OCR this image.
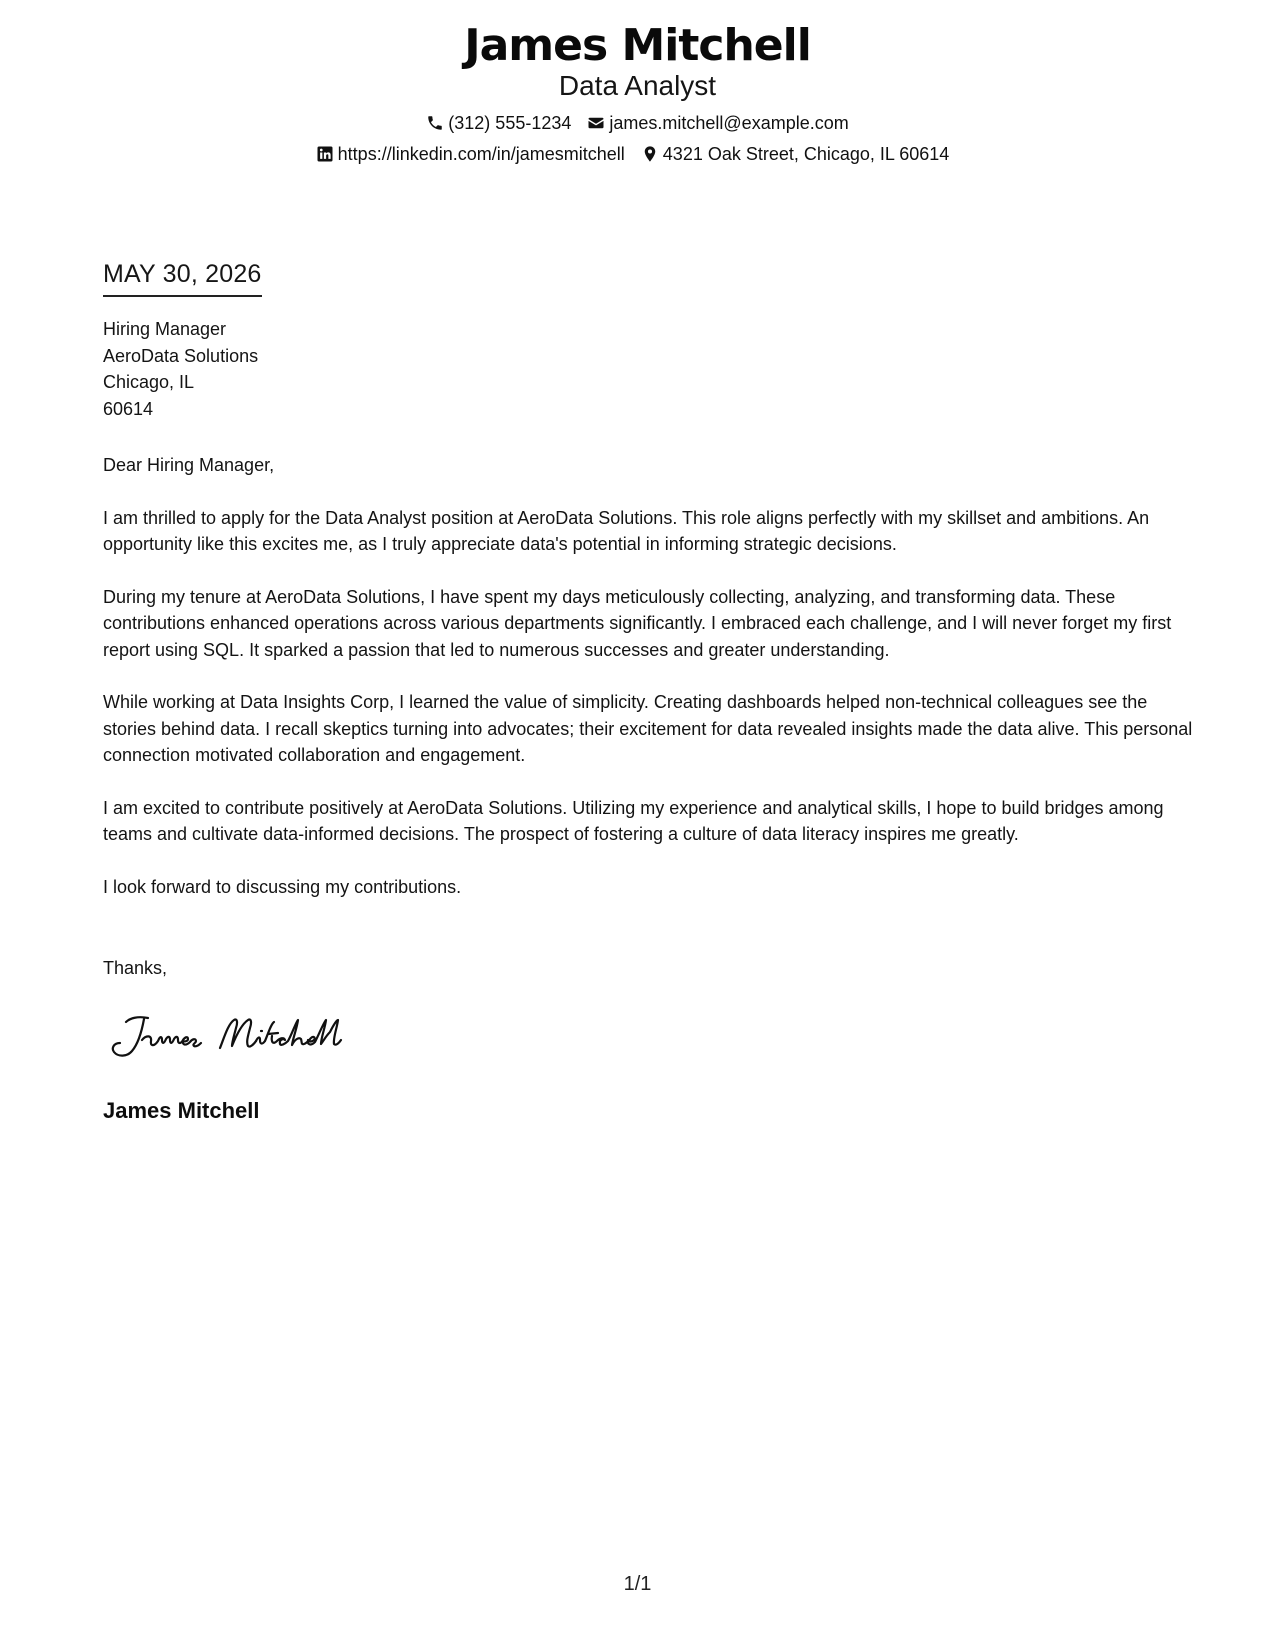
James Mitchell
Data Analyst
(312) 555-1234 james.mitchell@example.com
https://linkedin.com/in/jamesmitchell 4321 Oak Street, Chicago, IL 60614
MAY 30, 2026
Hiring Manager
AeroData Solutions
Chicago, IL
60614

Dear Hiring Manager,

I am thrilled to apply for the Data Analyst position at AeroData Solutions. This role aligns perfectly with my skillset and ambitions. An opportunity like this excites me, as I truly appreciate data's potential in informing strategic decisions.

During my tenure at AeroData Solutions, I have spent my days meticulously collecting, analyzing, and transforming data. These contributions enhanced operations across various departments significantly. I embraced each challenge, and I will never forget my first report using SQL. It sparked a passion that led to numerous successes and greater understanding.

While working at Data Insights Corp, I learned the value of simplicity. Creating dashboards helped non-technical colleagues see the stories behind data. I recall skeptics turning into advocates; their excitement for data revealed insights made the data alive. This personal connection motivated collaboration and engagement.

I am excited to contribute positively at AeroData Solutions. Utilizing my experience and analytical skills, I hope to build bridges among teams and cultivate data-informed decisions. The prospect of fostering a culture of data literacy inspires me greatly.

I look forward to discussing my contributions.

Thanks,
James Mitchell
1/1
